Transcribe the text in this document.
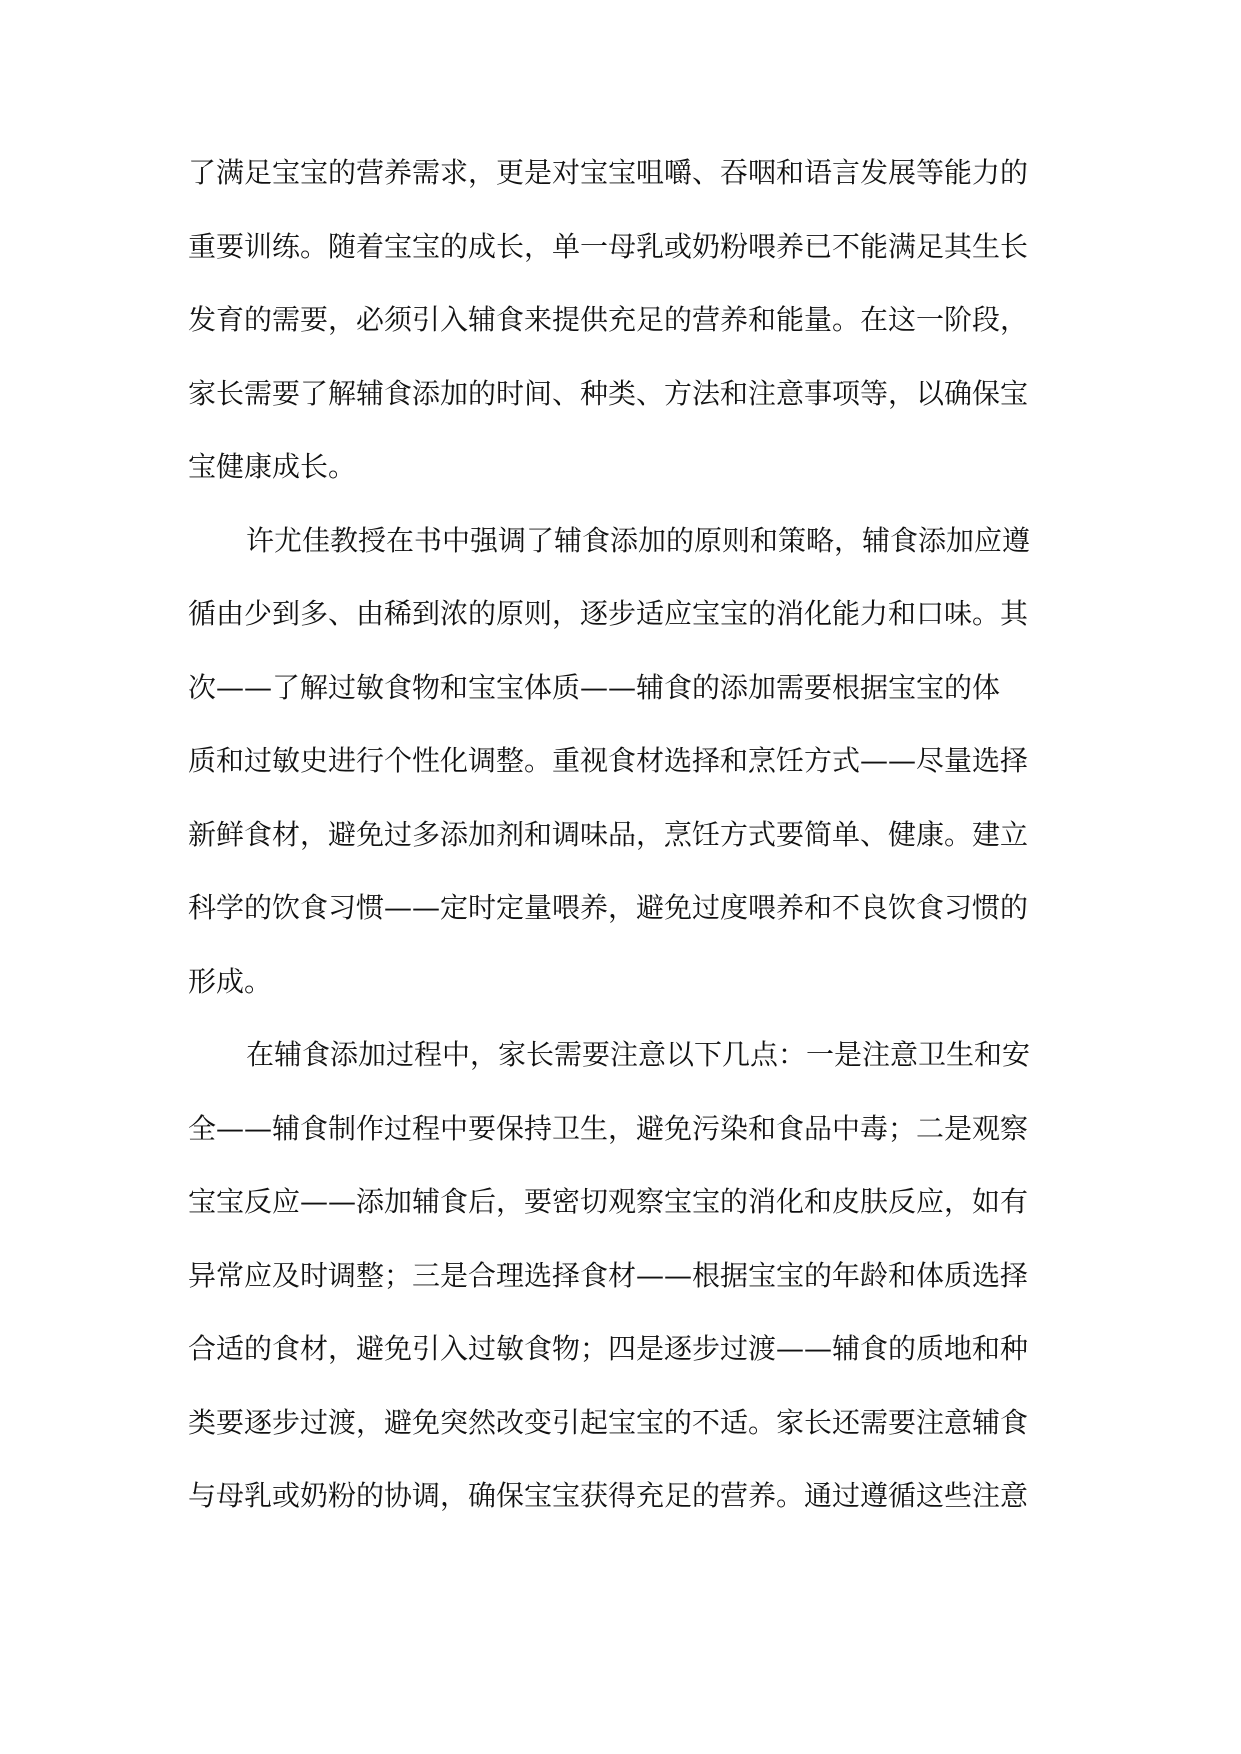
了满足宝宝的营养需求，更是对宝宝咀嚼、吞咽和语言发展等能力的
重要训练。随着宝宝的成长，单一母乳或奶粉喂养已不能满足其生长
发育的需要，必须引入辅食来提供充足的营养和能量。在这一阶段，
家长需要了解辅食添加的时间、种类、方法和注意事项等，以确保宝
宝健康成长。
许尤佳教授在书中强调了辅食添加的原则和策略，辅食添加应遵
循由少到多、由稀到浓的原则，逐步适应宝宝的消化能力和口味。其
次——了解过敏食物和宝宝体质——辅食的添加需要根据宝宝的体
质和过敏史进行个性化调整。重视食材选择和烹饪方式——尽量选择
新鲜食材，避免过多添加剂和调味品，烹饪方式要简单、健康。建立
科学的饮食习惯——定时定量喂养，避免过度喂养和不良饮食习惯的
形成。
在辅食添加过程中，家长需要注意以下几点：一是注意卫生和安
全——辅食制作过程中要保持卫生，避免污染和食品中毒；二是观察
宝宝反应——添加辅食后，要密切观察宝宝的消化和皮肤反应，如有
异常应及时调整；三是合理选择食材——根据宝宝的年龄和体质选择
合适的食材，避免引入过敏食物；四是逐步过渡——辅食的质地和种
类要逐步过渡，避免突然改变引起宝宝的不适。家长还需要注意辅食
与母乳或奶粉的协调，确保宝宝获得充足的营养。通过遵循这些注意
